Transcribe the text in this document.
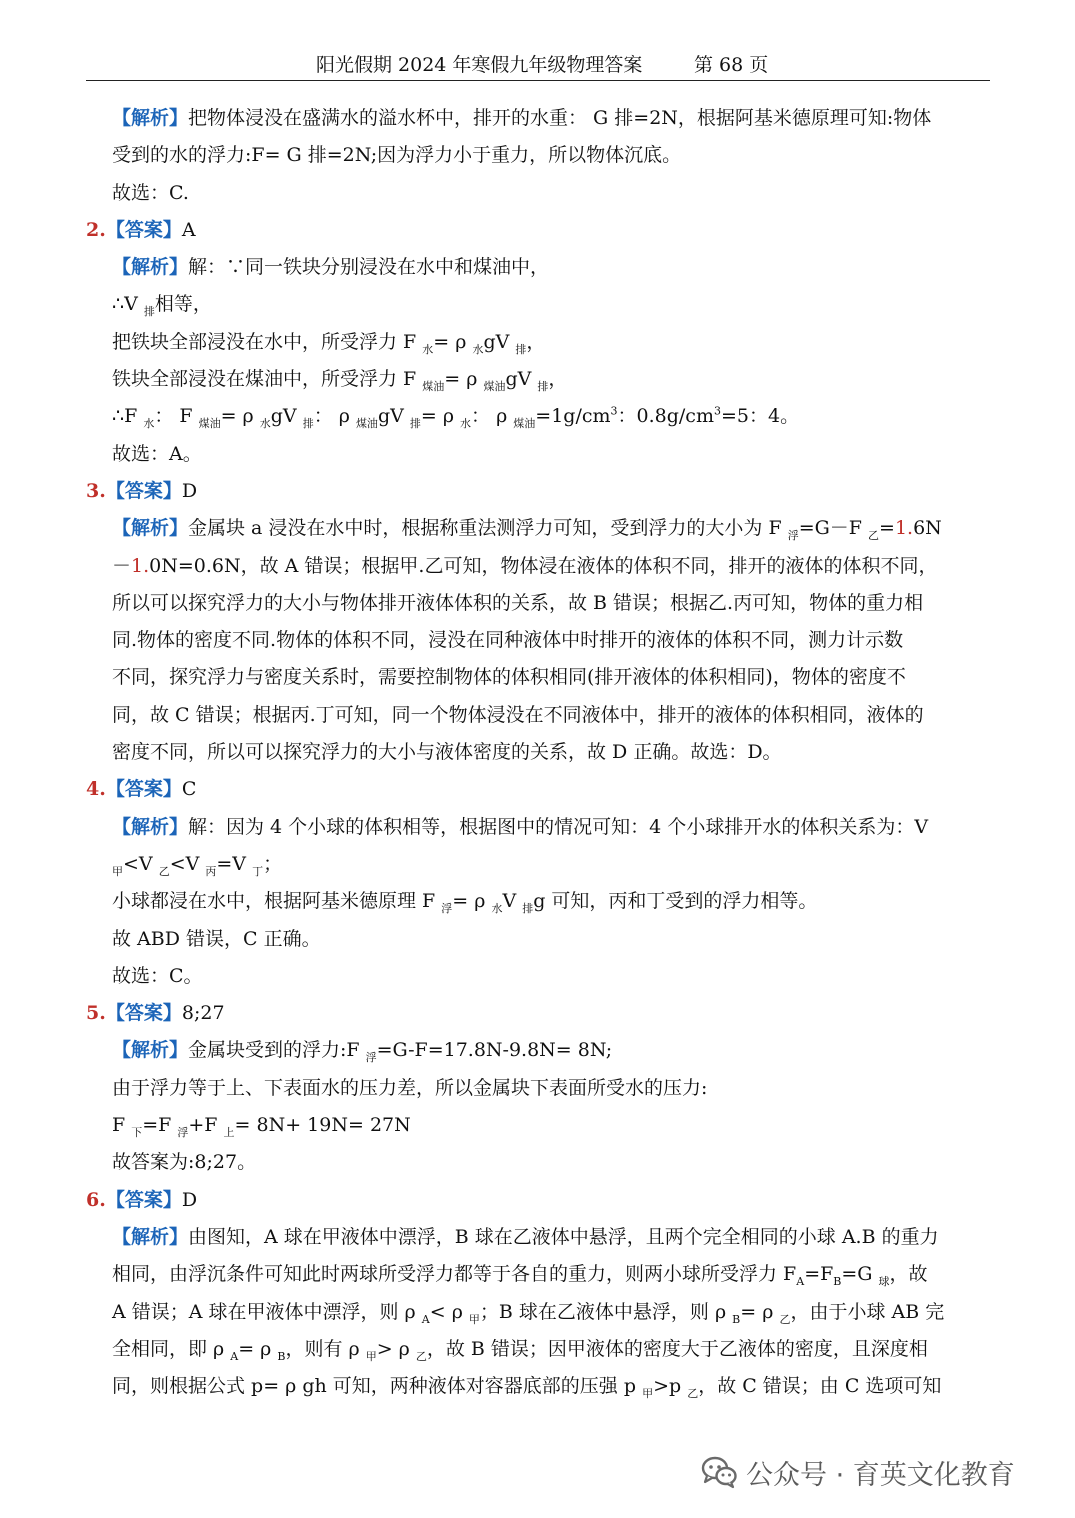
阳光假期 2024 年寒假九年级物理答案	第 68 页
【解析】把物体浸没在盛满水的溢水杯中，排开的水重： G 排=2N，根据阿基米德原理可知:物体
受到的水的浮力:F= G 排=2N;因为浮力小于重力，所以物体沉底。
故选：C.
2.【答案】A
【解析】解：∵同一铁块分别浸没在水中和煤油中，
∴V $_排$相等，
把铁块全部浸没在水中，所受浮力 F $_水$= ρ $_水$gV $_排$，
铁块全部浸没在煤油中，所受浮力 F $_{煤油}$= ρ $_{煤油}$gV $_排$，
∴F $_水$： F $_{煤油}$= ρ $_水$gV $_排$： ρ $_{煤油}$gV $_排$= ρ $_水$： ρ $_{煤油}=1g/cm^3$：$0.8g/cm^3=5$：4。
故选：A。
3.【答案】D
【解析】金属块 a 浸没在水中时，根据称重法测浮力可知，受到浮力的大小为 F $_浮$=G－F $_乙$=1.6N
－1.0N=0.6N，故 A 错误；根据甲.乙可知，物体浸在液体的体积不同，排开的液体的体积不同，
所以可以探究浮力的大小与物体排开液体体积的关系，故 B 错误；根据乙.丙可知，物体的重力相
同.物体的密度不同.物体的体积不同，浸没在同种液体中时排开的液体的体积不同，测力计示数
不同，探究浮力与密度关系时，需要控制物体的体积相同(排开液体的体积相同)，物体的密度不
同，故 C 错误；根据丙.丁可知，同一个物体浸没在不同液体中，排开的液体的体积相同，液体的
密度不同，所以可以探究浮力的大小与液体密度的关系，故 D 正确。故选：D。
4.【答案】C
【解析】解：因为 4 个小球的体积相等，根据图中的情况可知：4 个小球排开水的体积关系为：V
$_甲$<V $_乙$<V $_丙$=V $_丁$；
小球都浸在水中，根据阿基米德原理 F $_浮$= ρ $_水$V $_排$g 可知，丙和丁受到的浮力相等。
故 ABD 错误，C 正确。
故选：C。
5.【答案】8;27
【解析】金属块受到的浮力:F $_浮$=G-F=17.8N-9.8N= 8N;
由于浮力等于上、下表面水的压力差，所以金属块下表面所受水的压力:
F $_下$=F $_浮$+F $_上$= 8N+ 19N= 27N
故答案为:8;27。
6.【答案】D
【解析】由图知，A 球在甲液体中漂浮，B 球在乙液体中悬浮，且两个完全相同的小球 A.B 的重力
相同，由浮沉条件可知此时两球所受浮力都等于各自的重力，则两小球所受浮力 $F_A=F_B=G$ $_球$，故
A 错误；A 球在甲液体中漂浮，则 ρ $_A$< ρ $_甲$；B 球在乙液体中悬浮，则 ρ $_B$= ρ $_乙$，由于小球 AB 完
全相同，即 ρ $_A$= ρ $_B$，则有 ρ $_甲$> ρ $_乙$，故 B 错误；因甲液体的密度大于乙液体的密度，且深度相
同，则根据公式 p= ρ gh 可知，两种液体对容器底部的压强 p $_甲$>p $_乙$，故 C 错误；由 C 选项可知
公众号 · 育英文化教育
